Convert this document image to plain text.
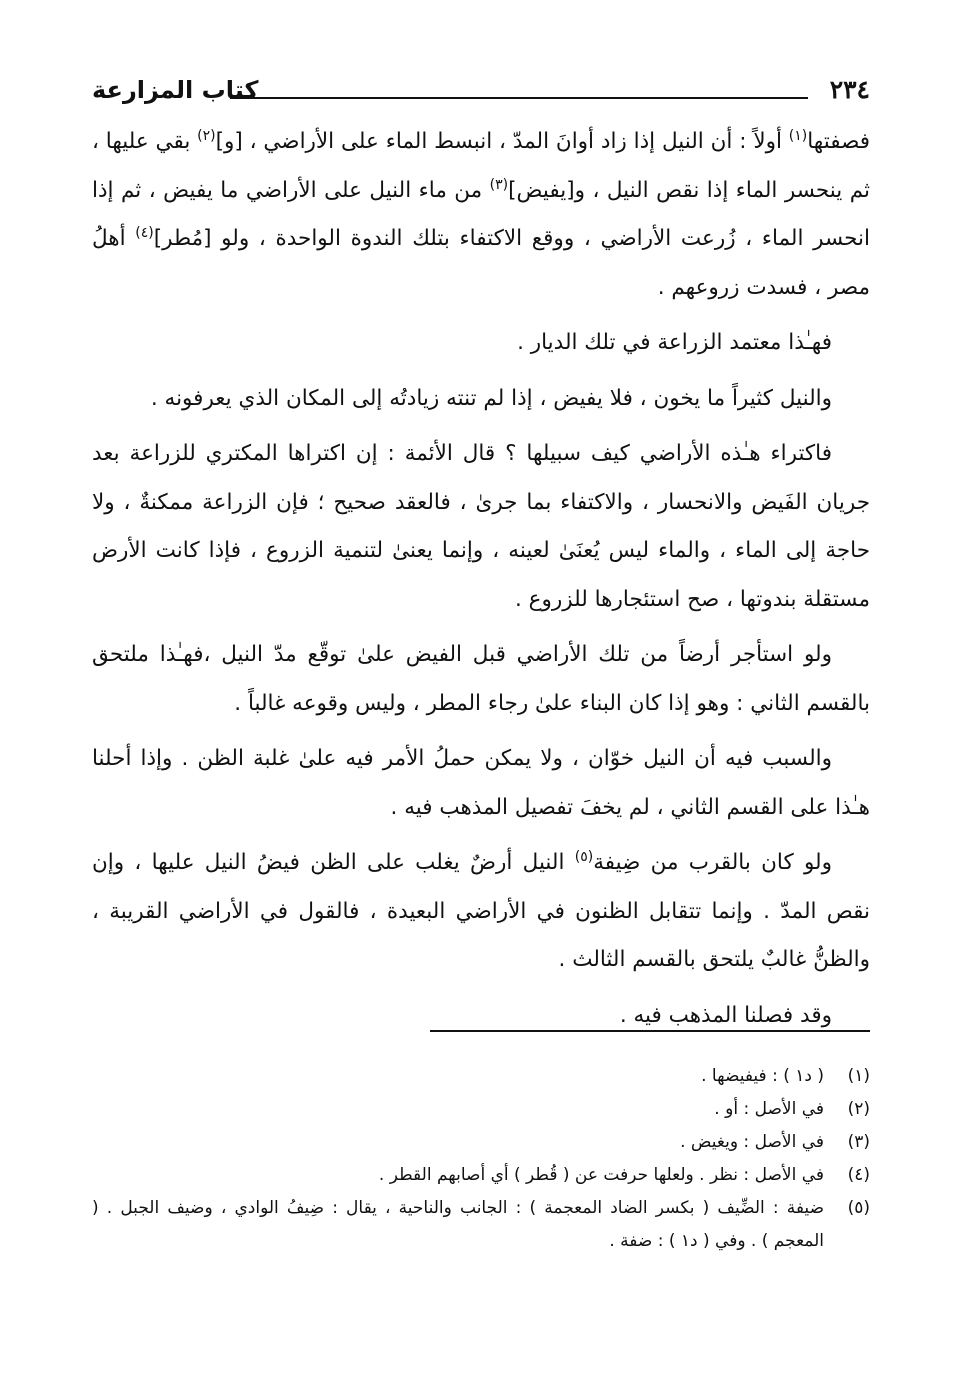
٢٣٤
كتاب المزارعة

فصفتها$^{(١)}$ أولاً : أن النيل إذا زاد أوانَ المدّ ، انبسط الماء على الأراضي ، [و]$^{(٢)}$ بقي عليها ، ثم ينحسر الماء إذا نقص النيل ، و[يفيض]$^{(٣)}$ من ماء النيل على الأراضي ما يفيض ، ثم إذا انحسر الماء ، زُرعت الأراضي ، ووقع الاكتفاء بتلك الندوة الواحدة ، ولو [مُطر]$^{(٤)}$ أهلُ مصر ، فسدت زروعهم .

فهـٰذا معتمد الزراعة في تلك الديار .

والنيل كثيراً ما يخون ، فلا يفيض ، إذا لم تنته زيادتُه إلى المكان الذي يعرفونه .

فاكتراء هـٰذه الأراضي كيف سبيلها ؟ قال الأئمة : إن اكتراها المكتري للزراعة بعد جريان الفَيض والانحسار ، والاكتفاء بما جرىٰ ، فالعقد صحيح ؛ فإن الزراعة ممكنةٌ ، ولا حاجة إلى الماء ، والماء ليس يُعنَىٰ لعينه ، وإنما يعنىٰ لتنمية الزروع ، فإذا كانت الأرض مستقلة بندوتها ، صح استئجارها للزروع .

ولو استأجر أرضاً من تلك الأراضي قبل الفيض علىٰ توقّع مدّ النيل ،فهـٰذا ملتحق بالقسم الثاني : وهو إذا كان البناء علىٰ رجاء المطر ، وليس وقوعه غالباً .

والسبب فيه أن النيل خوّان ، ولا يمكن حملُ الأمر فيه علىٰ غلبة الظن . وإذا أحلنا هـٰذا على القسم الثاني ، لم يخفَ تفصيل المذهب فيه .

ولو كان بالقرب من ضِيفة$^{(٥)}$ النيل أرضٌ يغلب على الظن فيضُ النيل عليها ، وإن نقص المدّ . وإنما تتقابل الظنون في الأراضي البعيدة ، فالقول في الأراضي القريبة ، والظنُّ غالبٌ يلتحق بالقسم الثالث .

وقد فصلنا المذهب فيه .

(١)
( د١ ) : فيفيضها .
(٢)
في الأصل : أو .
(٣)
في الأصل : ويغيض .
(٤)
في الأصل : نظر . ولعلها حرفت عن ( قُطر ) أي أصابهم القطر .
(٥)
ضيفة : الضِّيف ( بكسر الضاد المعجمة ) : الجانب والناحية ، يقال : ضِيفُ الوادي ، وضيف الجبل . ( المعجم ) . وفي ( د١ ) : ضفة .
